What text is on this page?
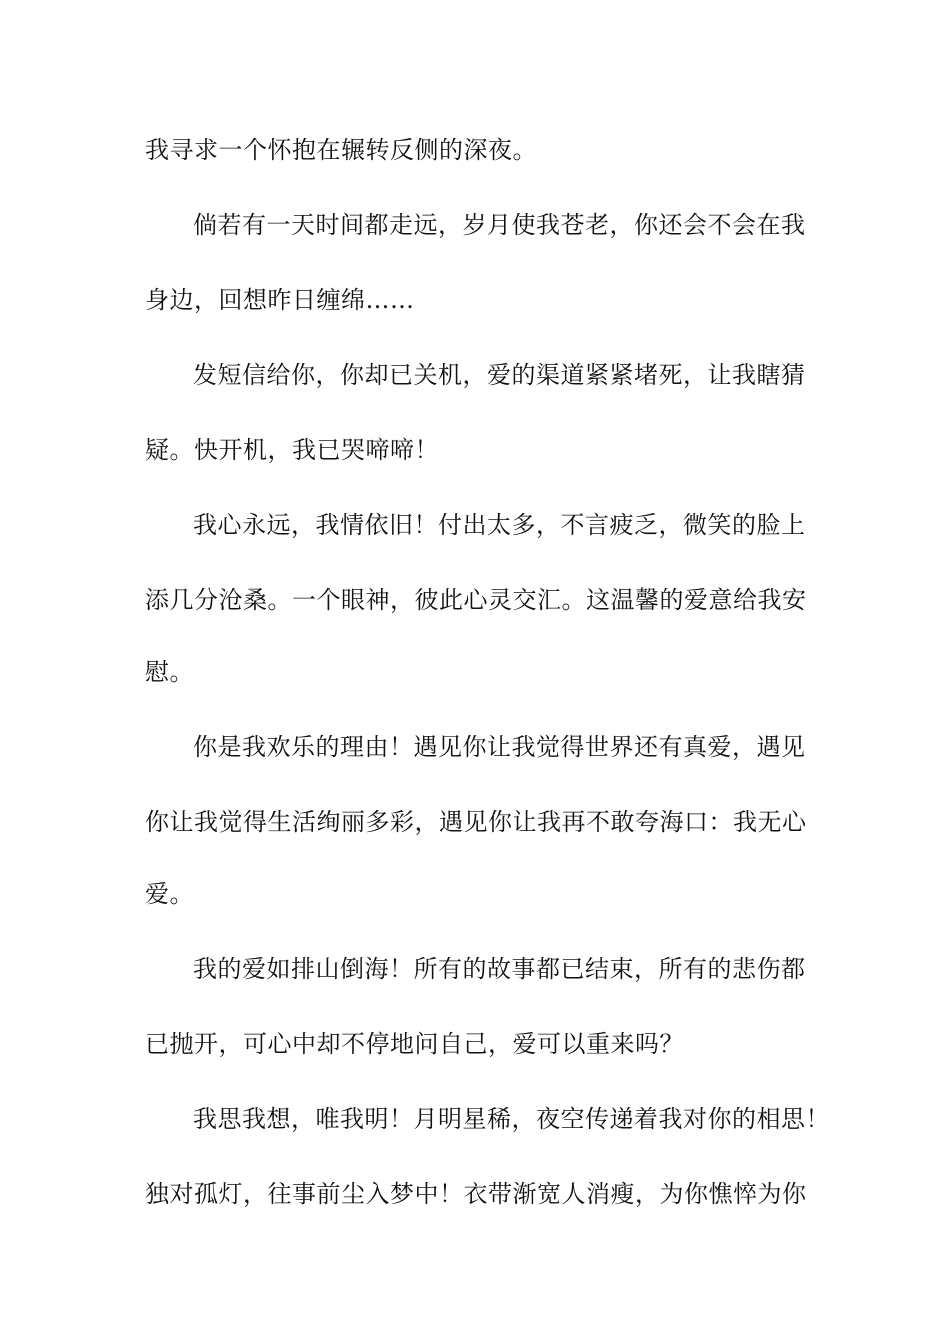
我寻求一个怀抱在辗转反侧的深夜。
倘若有一天时间都走远，岁月使我苍老，你还会不会在我
身边，回想昨日缠绵……
发短信给你，你却已关机，爱的渠道紧紧堵死，让我瞎猜
疑。快开机，我已哭啼啼！
我心永远，我情依旧！付出太多，不言疲乏，微笑的脸上
添几分沧桑。一个眼神，彼此心灵交汇。这温馨的爱意给我安
慰。
你是我欢乐的理由！遇见你让我觉得世界还有真爱，遇见
你让我觉得生活绚丽多彩，遇见你让我再不敢夸海口：我无心
爱。
我的爱如排山倒海！所有的故事都已结束，所有的悲伤都
已抛开，可心中却不停地问自己，爱可以重来吗？
我思我想，唯我明！月明星稀，夜空传递着我对你的相思！
独对孤灯，往事前尘入梦中！衣带渐宽人消瘦，为你憔悴为你
